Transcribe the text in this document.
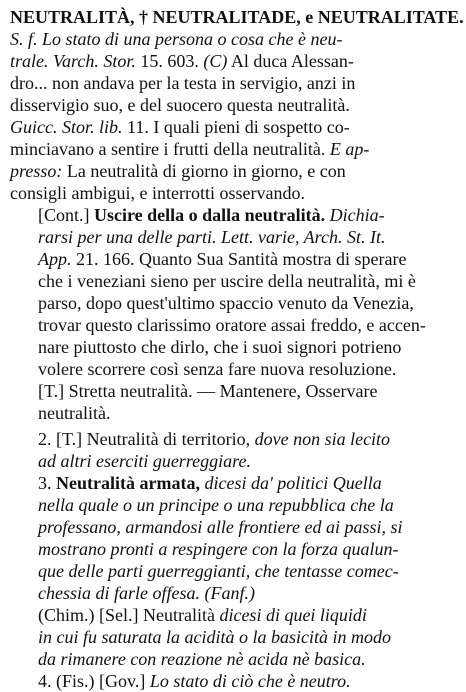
NEUTRALITÀ, † NEUTRALITADE, e NEUTRALITATE.
S. f. Lo stato di una persona o cosa che è neu-
trale. Varch. Stor. 15. 603. (C) Al duca Alessan-
dro... non andava per la testa in servigio, anzi in
disservigio suo, e del suocero questa neutralità.
Guicc. Stor. lib. 11. I quali pieni di sospetto co-
minciavano a sentire i frutti della neutralità. E ap-
presso: La neutralità di giorno in giorno, e con
consigli ambigui, e interrotti osservando.
[Cont.] Uscire della o dalla neutralità. Dichia-
rarsi per una delle parti. Lett. varie, Arch. St. It.
App. 21. 166. Quanto Sua Santità mostra di sperare
che i veneziani sieno per uscire della neutralità, mi è
parso, dopo quest'ultimo spaccio venuto da Venezia,
trovar questo clarissimo oratore assai freddo, e accen-
nare piuttosto che dirlo, che i suoi signori potrieno
volere scorrere così senza fare nuova resoluzione.
[T.] Stretta neutralità. — Mantenere, Osservare
neutralità.
2. [T.] Neutralità di territorio, dove non sia lecito
ad altri eserciti guerreggiare.
3. Neutralità armata, dicesi da' politici Quella
nella quale o un principe o una repubblica che la
professano, armandosi alle frontiere ed ai passi, si
mostrano pronti a respingere con la forza qualun-
que delle parti guerreggianti, che tentasse comec-
chessia di farle offesa. (Fanf.)
(Chim.) [Sel.] Neutralità dicesi di quei liquidi
in cui fu saturata la acidità o la basicità in modo
da rimanere con reazione nè acida nè basica.
4. (Fis.) [Gov.] Lo stato di ciò che è neutro.
